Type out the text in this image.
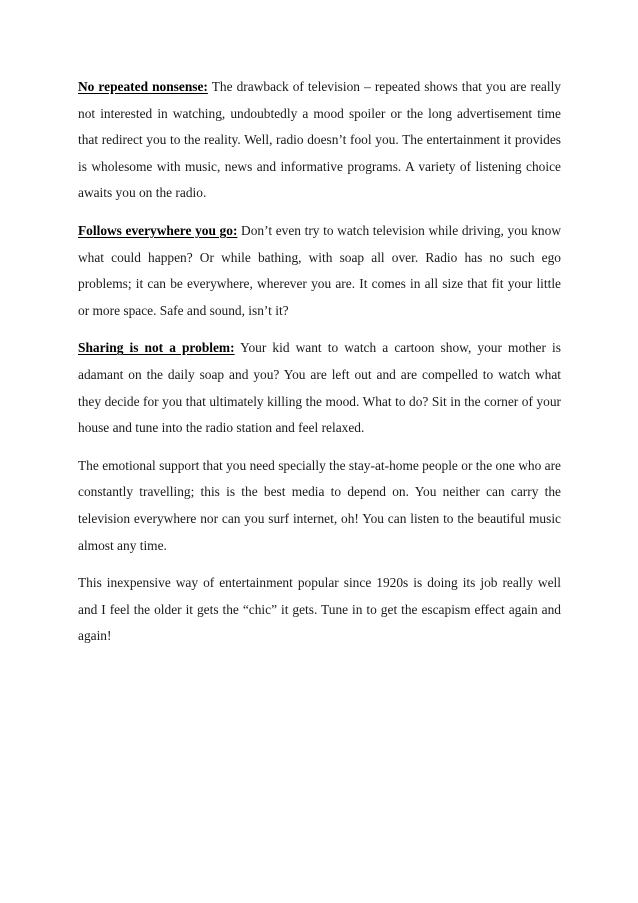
No repeated nonsense: The drawback of television – repeated shows that you are really not interested in watching, undoubtedly a mood spoiler or the long advertisement time that redirect you to the reality. Well, radio doesn’t fool you. The entertainment it provides is wholesome with music, news and informative programs. A variety of listening choice awaits you on the radio.

Follows everywhere you go: Don’t even try to watch television while driving, you know what could happen? Or while bathing, with soap all over. Radio has no such ego problems; it can be everywhere, wherever you are. It comes in all size that fit your little or more space. Safe and sound, isn’t it?

Sharing is not a problem: Your kid want to watch a cartoon show, your mother is adamant on the daily soap and you? You are left out and are compelled to watch what they decide for you that ultimately killing the mood. What to do? Sit in the corner of your house and tune into the radio station and feel relaxed.

The emotional support that you need specially the stay-at-home people or the one who are constantly travelling; this is the best media to depend on. You neither can carry the television everywhere nor can you surf internet, oh! You can listen to the beautiful music almost any time.

This inexpensive way of entertainment popular since 1920s is doing its job really well and I feel the older it gets the “chic” it gets. Tune in to get the escapism effect again and again!
